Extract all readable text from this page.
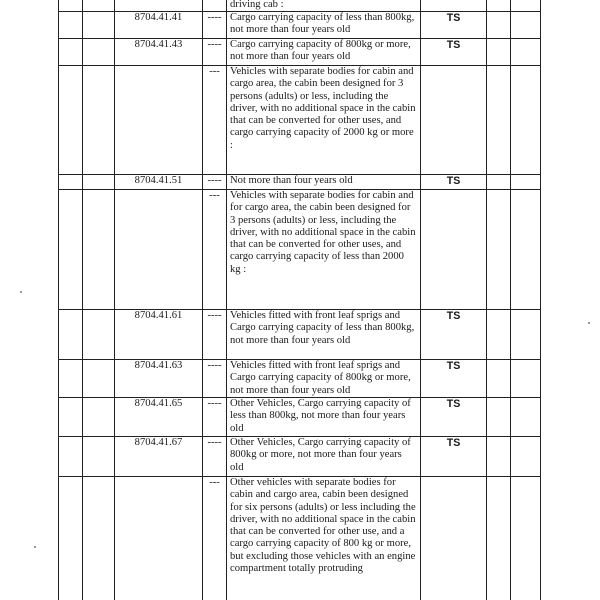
				driving cab :			
		8704.41.41	----	Cargo carrying capacity of less than 800kg, not more than four years old	TS		
		8704.41.43	----	Cargo carrying capacity of 800kg or more, not more than four years old	TS		
			---	Vehicles with separate bodies for cabin and cargo area, the cabin been designed for 3 persons (adults) or less, including the driver, with no additional space in the cabin that can be converted for other uses, and cargo carrying capacity of 2000 kg or more :			
		8704.41.51	----	Not more than four years old	TS		
			---	Vehicles with separate bodies for cabin and for cargo area, the cabin been designed for 3 persons (adults) or less, including the driver, with no additional space in the cabin that can be converted for other uses, and cargo carrying capacity of less than 2000 kg :			
		8704.41.61	----	Vehicles fitted with front leaf sprigs and Cargo carrying capacity of less than 800kg, not more than four years old	TS		
		8704.41.63	----	Vehicles fitted with front leaf sprigs and Cargo carrying capacity of 800kg or more, not more than four years old	TS		
		8704.41.65	----	Other Vehicles, Cargo carrying capacity of less than 800kg, not more than four years old	TS		
		8704.41.67	----	Other Vehicles, Cargo carrying capacity of 800kg or more, not more than four years old	TS		
			---	Other vehicles with separate bodies for cabin and cargo area, cabin been designed for six persons (adults) or less including the driver, with no additional space in the cabin that can be converted for other use, and a cargo carrying capacity of 800 kg or more, but excluding those vehicles with an engine compartment totally protruding			
